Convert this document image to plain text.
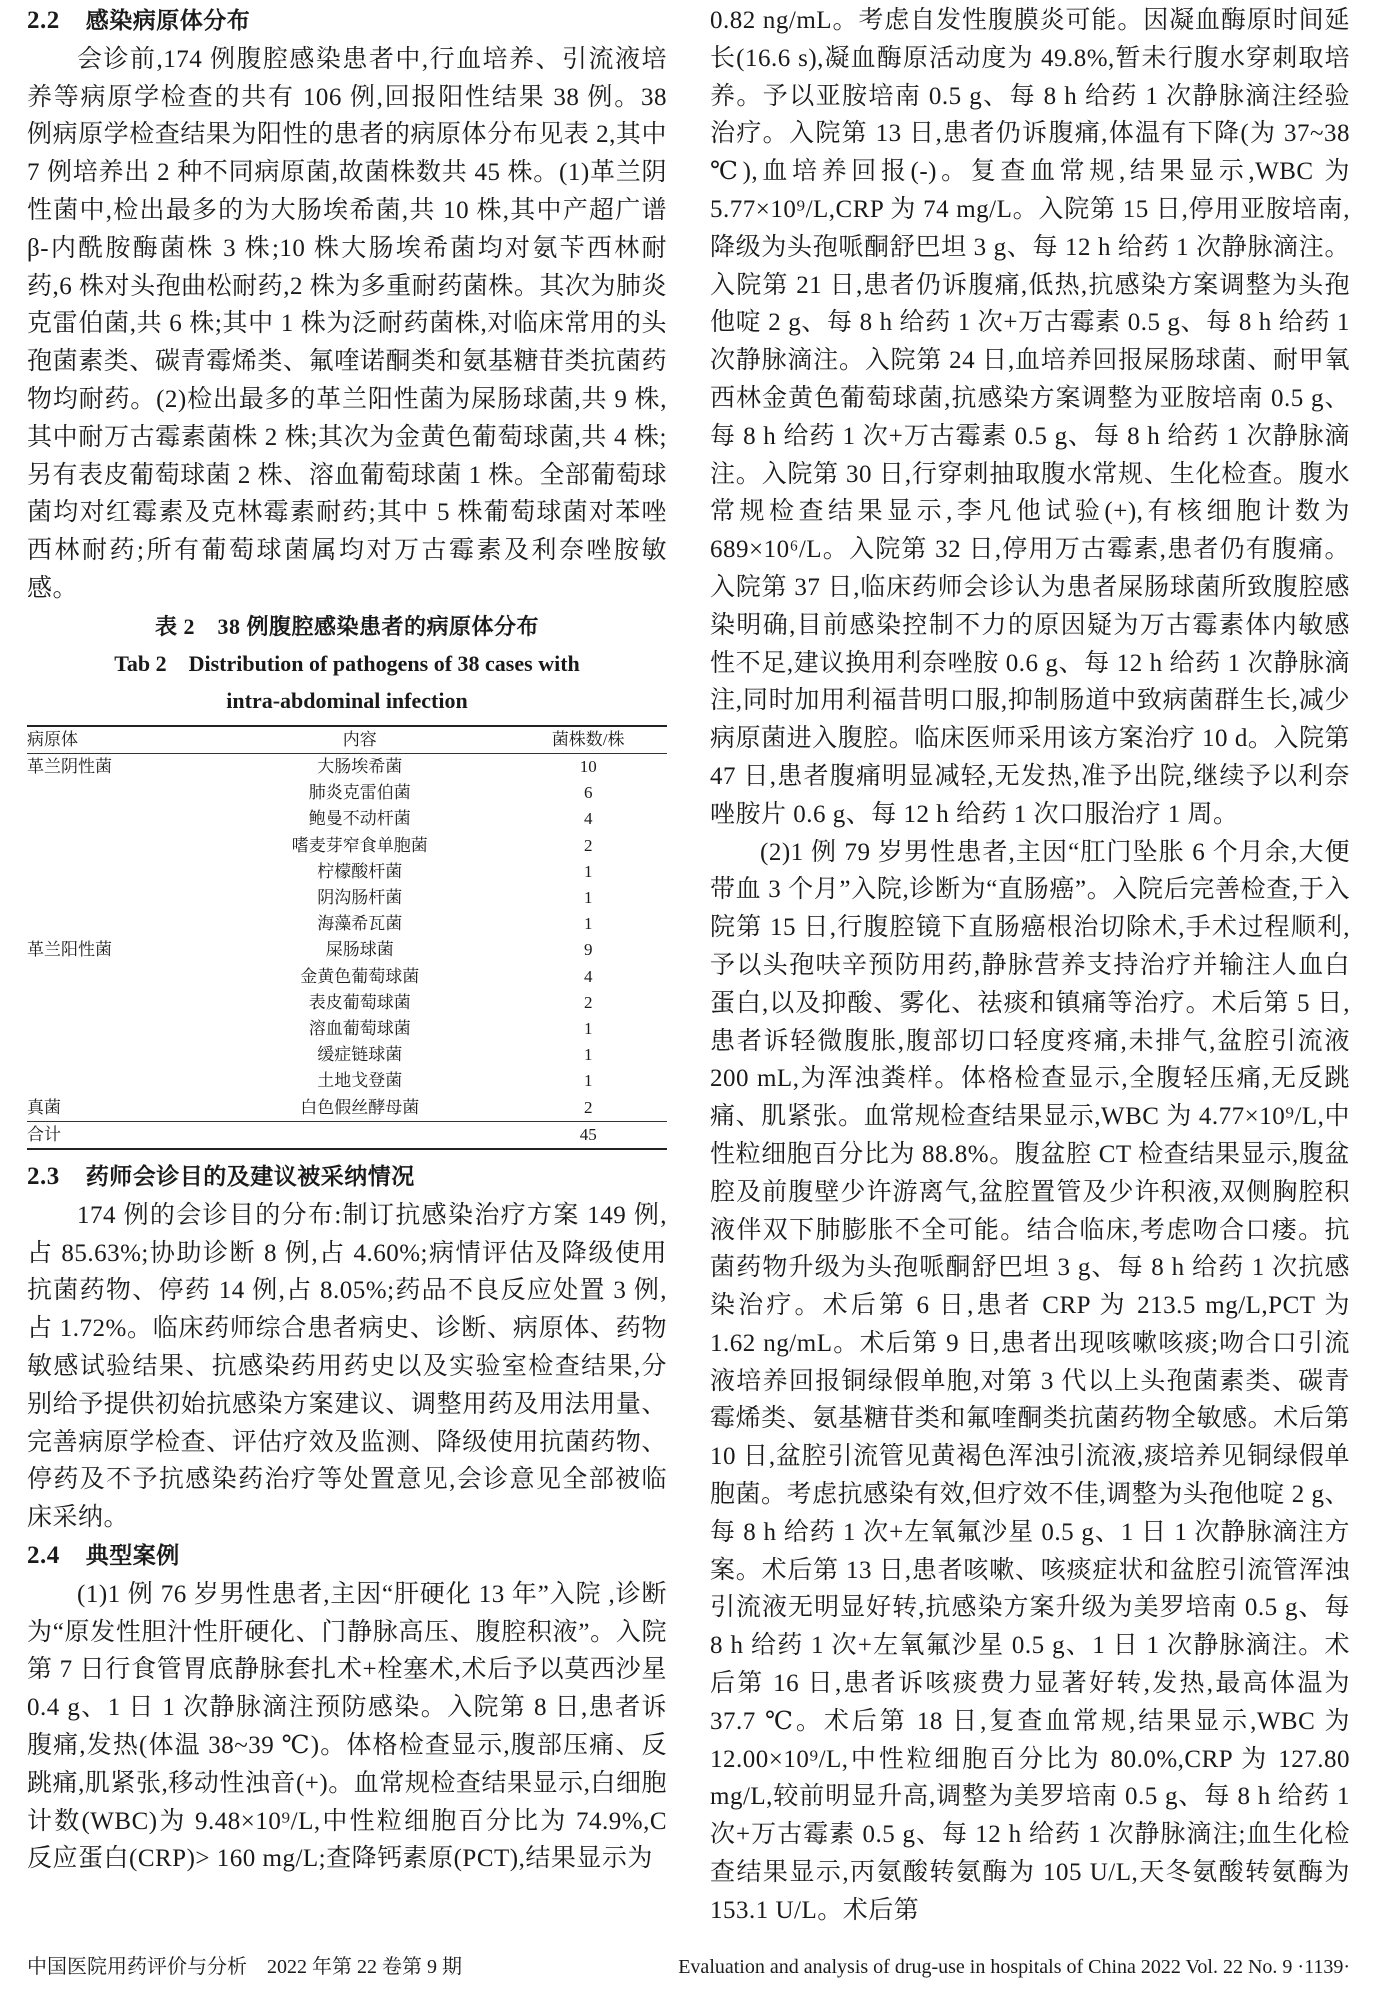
2.2 感染病原体分布

会诊前,174 例腹腔感染患者中,行血培养、引流液培养等病原学检查的共有 106 例,回报阳性结果 38 例。38 例病原学检查结果为阳性的患者的病原体分布见表 2,其中 7 例培养出 2 种不同病原菌,故菌株数共 45 株。(1)革兰阴性菌中,检出最多的为大肠埃希菌,共 10 株,其中产超广谱 β-内酰胺酶菌株 3 株;10 株大肠埃希菌均对氨苄西林耐药,6 株对头孢曲松耐药,2 株为多重耐药菌株。其次为肺炎克雷伯菌,共 6 株;其中 1 株为泛耐药菌株,对临床常用的头孢菌素类、碳青霉烯类、氟喹诺酮类和氨基糖苷类抗菌药物均耐药。(2)检出最多的革兰阳性菌为屎肠球菌,共 9 株,其中耐万古霉素菌株 2 株;其次为金黄色葡萄球菌,共 4 株;另有表皮葡萄球菌 2 株、溶血葡萄球菌 1 株。全部葡萄球菌均对红霉素及克林霉素耐药;其中 5 株葡萄球菌对苯唑西林耐药;所有葡萄球菌属均对万古霉素及利奈唑胺敏感。

表 2　38 例腹腔感染患者的病原体分布
Tab 2　Distribution of pathogens of 38 cases with
intra-abdominal infection
病原体	内容	菌株数/株
革兰阴性菌	大肠埃希菌	10
	肺炎克雷伯菌	6
	鲍曼不动杆菌	4
	嗜麦芽窄食单胞菌	2
	柠檬酸杆菌	1
	阴沟肠杆菌	1
	海藻希瓦菌	1
革兰阳性菌	屎肠球菌	9
	金黄色葡萄球菌	4
	表皮葡萄球菌	2
	溶血葡萄球菌	1
	缓症链球菌	1
	土地戈登菌	1
真菌	白色假丝酵母菌	2
合计		45
2.3 药师会诊目的及建议被采纳情况

174 例的会诊目的分布:制订抗感染治疗方案 149 例,占 85.63%;协助诊断 8 例,占 4.60%;病情评估及降级使用抗菌药物、停药 14 例,占 8.05%;药品不良反应处置 3 例,占 1.72%。临床药师综合患者病史、诊断、病原体、药物敏感试验结果、抗感染药用药史以及实验室检查结果,分别给予提供初始抗感染方案建议、调整用药及用法用量、完善病原学检查、评估疗效及监测、降级使用抗菌药物、停药及不予抗感染药治疗等处置意见,会诊意见全部被临床采纳。

2.4 典型案例

(1)1 例 76 岁男性患者,主因“肝硬化 13 年”入院 ,诊断为“原发性胆汁性肝硬化、门静脉高压、腹腔积液”。入院第 7 日行食管胃底静脉套扎术+栓塞术,术后予以莫西沙星 0.4 g、1 日 1 次静脉滴注预防感染。入院第 8 日,患者诉腹痛,发热(体温 38~39 ℃)。体格检查显示,腹部压痛、反跳痛,肌紧张,移动性浊音(+)。血常规检查结果显示,白细胞计数(WBC)为 9.48×10⁹/L,中性粒细胞百分比为 74.9%,C 反应蛋白(CRP)> 160 mg/L;查降钙素原(PCT),结果显示为

0.82 ng/mL。考虑自发性腹膜炎可能。因凝血酶原时间延长(16.6 s),凝血酶原活动度为 49.8%,暂未行腹水穿刺取培养。予以亚胺培南 0.5 g、每 8 h 给药 1 次静脉滴注经验治疗。入院第 13 日,患者仍诉腹痛,体温有下降(为 37~38 ℃),血培养回报(-)。复查血常规,结果显示,WBC 为 5.77×10⁹/L,CRP 为 74 mg/L。入院第 15 日,停用亚胺培南,降级为头孢哌酮舒巴坦 3 g、每 12 h 给药 1 次静脉滴注。入院第 21 日,患者仍诉腹痛,低热,抗感染方案调整为头孢他啶 2 g、每 8 h 给药 1 次+万古霉素 0.5 g、每 8 h 给药 1 次静脉滴注。入院第 24 日,血培养回报屎肠球菌、耐甲氧西林金黄色葡萄球菌,抗感染方案调整为亚胺培南 0.5 g、每 8 h 给药 1 次+万古霉素 0.5 g、每 8 h 给药 1 次静脉滴注。入院第 30 日,行穿刺抽取腹水常规、生化检查。腹水常规检查结果显示,李凡他试验(+),有核细胞计数为 689×10⁶/L。入院第 32 日,停用万古霉素,患者仍有腹痛。入院第 37 日,临床药师会诊认为患者屎肠球菌所致腹腔感染明确,目前感染控制不力的原因疑为万古霉素体内敏感性不足,建议换用利奈唑胺 0.6 g、每 12 h 给药 1 次静脉滴注,同时加用利福昔明口服,抑制肠道中致病菌群生长,减少病原菌进入腹腔。临床医师采用该方案治疗 10 d。入院第 47 日,患者腹痛明显减轻,无发热,准予出院,继续予以利奈唑胺片 0.6 g、每 12 h 给药 1 次口服治疗 1 周。

(2)1 例 79 岁男性患者,主因“肛门坠胀 6 个月余,大便带血 3 个月”入院,诊断为“直肠癌”。入院后完善检查,于入院第 15 日,行腹腔镜下直肠癌根治切除术,手术过程顺利,予以头孢呋辛预防用药,静脉营养支持治疗并输注人血白蛋白,以及抑酸、雾化、祛痰和镇痛等治疗。术后第 5 日,患者诉轻微腹胀,腹部切口轻度疼痛,未排气,盆腔引流液 200 mL,为浑浊粪样。体格检查显示,全腹轻压痛,无反跳痛、肌紧张。血常规检查结果显示,WBC 为 4.77×10⁹/L,中性粒细胞百分比为 88.8%。腹盆腔 CT 检查结果显示,腹盆腔及前腹壁少许游离气,盆腔置管及少许积液,双侧胸腔积液伴双下肺膨胀不全可能。结合临床,考虑吻合口瘘。抗菌药物升级为头孢哌酮舒巴坦 3 g、每 8 h 给药 1 次抗感染治疗。术后第 6 日,患者 CRP 为 213.5 mg/L,PCT 为 1.62 ng/mL。术后第 9 日,患者出现咳嗽咳痰;吻合口引流液培养回报铜绿假单胞,对第 3 代以上头孢菌素类、碳青霉烯类、氨基糖苷类和氟喹酮类抗菌药物全敏感。术后第 10 日,盆腔引流管见黄褐色浑浊引流液,痰培养见铜绿假单胞菌。考虑抗感染有效,但疗效不佳,调整为头孢他啶 2 g、每 8 h 给药 1 次+左氧氟沙星 0.5 g、1 日 1 次静脉滴注方案。术后第 13 日,患者咳嗽、咳痰症状和盆腔引流管浑浊引流液无明显好转,抗感染方案升级为美罗培南 0.5 g、每 8 h 给药 1 次+左氧氟沙星 0.5 g、1 日 1 次静脉滴注。术后第 16 日,患者诉咳痰费力显著好转,发热,最高体温为 37.7 ℃。术后第 18 日,复查血常规,结果显示,WBC 为 12.00×10⁹/L,中性粒细胞百分比为 80.0%,CRP 为 127.80 mg/L,较前明显升高,调整为美罗培南 0.5 g、每 8 h 给药 1 次+万古霉素 0.5 g、每 12 h 给药 1 次静脉滴注;血生化检查结果显示,丙氨酸转氨酶为 105 U/L,天冬氨酸转氨酶为 153.1 U/L。术后第

中国医院用药评价与分析　2022 年第 22 卷第 9 期	Evaluation and analysis of drug-use in hospitals of China 2022 Vol. 22 No. 9 ·1139·
